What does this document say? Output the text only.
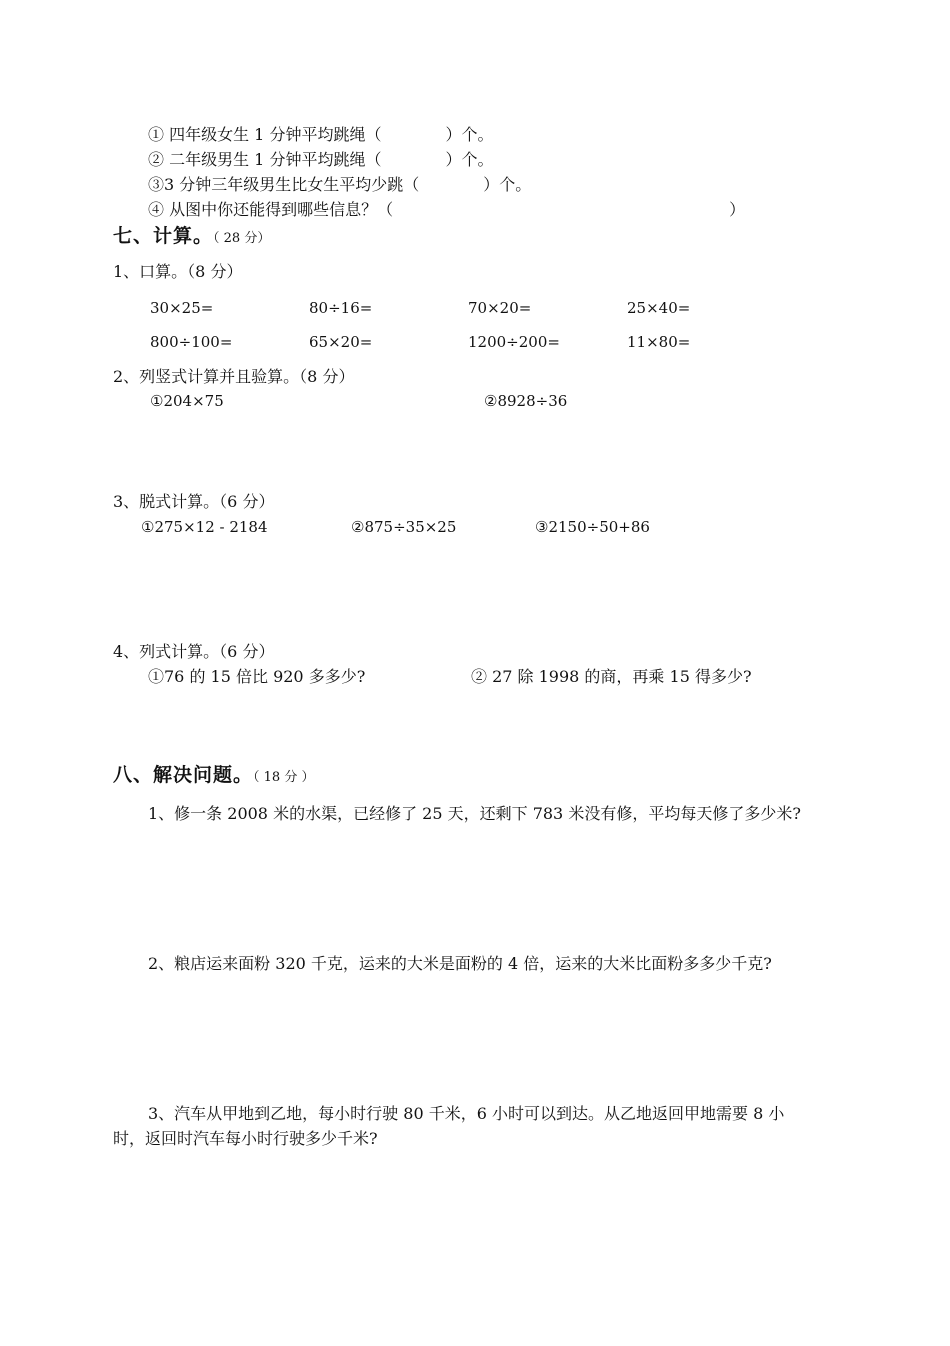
① 四年级女生 1 分钟平均跳绳（　　　　）个。
② 二年级男生 1 分钟平均跳绳（　　　　）个。
③3 分钟三年级男生比女生平均少跳（　　　　）个。
④ 从图中你还能得到哪些信息？（　　　　　　　　　　　　　　　　　　　　　）
七、计算。（ 28 分）
1、口算。（8 分）
30×25=	80÷16=	70×20=	25×40=
800÷100=	65×20=	1200÷200=	11×80=
2、列竖式计算并且验算。（8 分）
①204×75	②8928÷36
3、脱式计算。（6 分）
①275×12 - 2184	②875÷35×25	③2150÷50+86
4、列式计算。（6 分）
①76 的 15 倍比 920 多多少?	② 27 除 1998 的商，再乘 15 得多少?
八、解决问题。（ 18 分 ）
1、修一条 2008 米的水渠，已经修了 25 天，还剩下 783 米没有修，平均每天修了多少米?
2、粮店运来面粉 320 千克，运来的大米是面粉的 4 倍，运来的大米比面粉多多少千克?
3、汽车从甲地到乙地，每小时行驶 80 千米，6 小时可以到达。从乙地返回甲地需要 8 小
时，返回时汽车每小时行驶多少千米?
